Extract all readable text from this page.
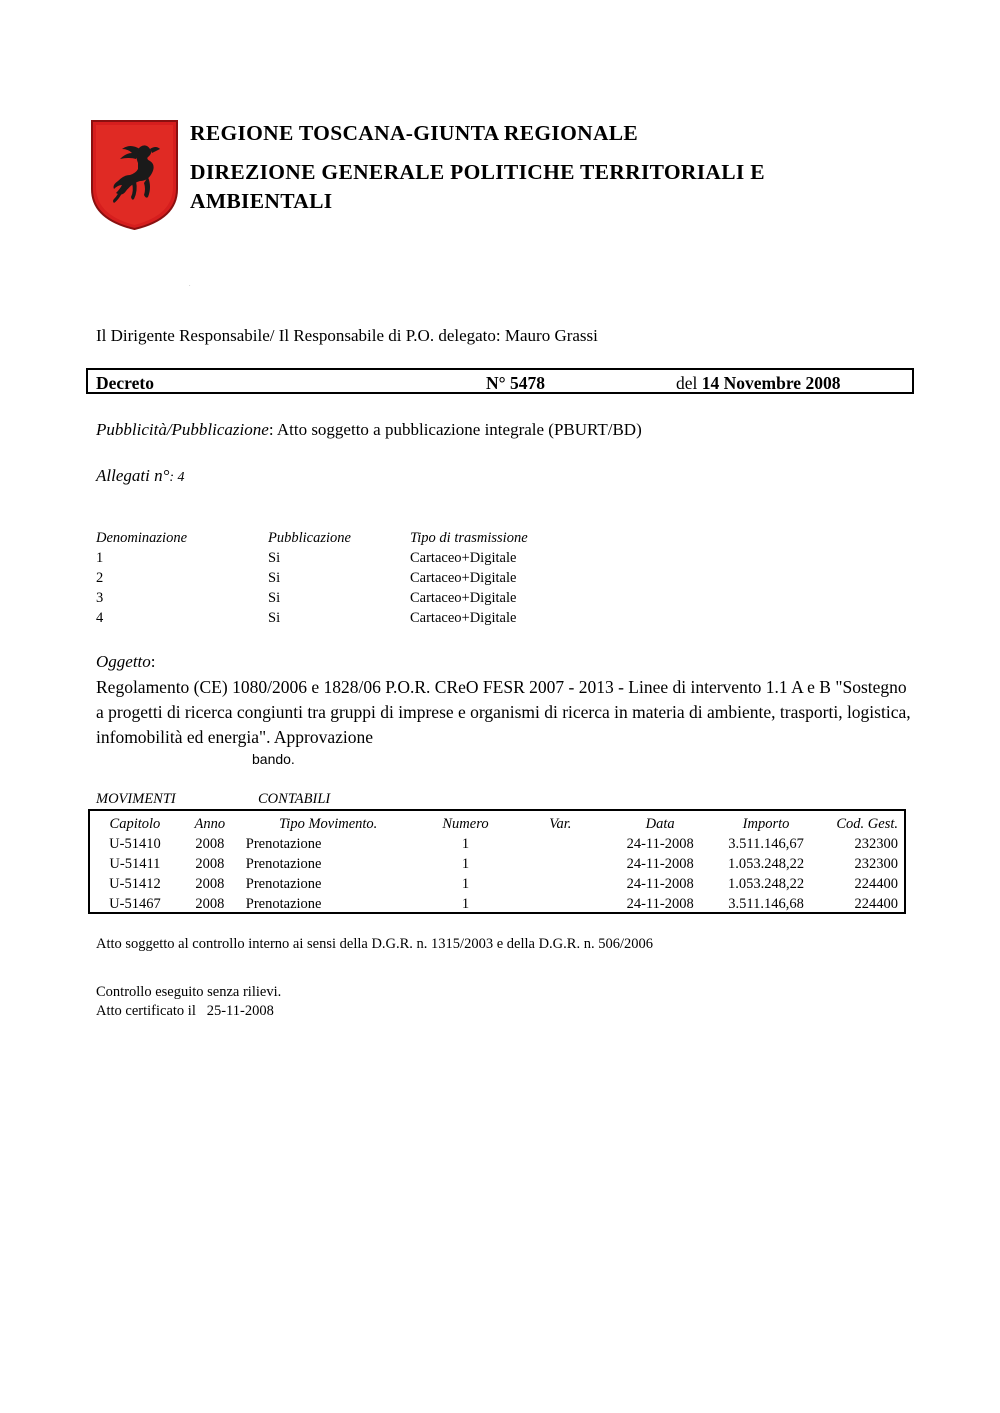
REGIONE TOSCANA-GIUNTA REGIONALE
DIREZIONE GENERALE POLITICHE TERRITORIALI E
AMBIENTALI
.
Il Dirigente Responsabile/ Il Responsabile di P.O. delegato: Mauro Grassi
Decreto	N° 5478	del 14 Novembre 2008
Pubblicità/Pubblicazione: Atto soggetto a pubblicazione integrale (PBURT/BD)
Allegati n°: 4
Denominazione	Pubblicazione	Tipo di trasmissione
1	Si	Cartaceo+Digitale
2	Si	Cartaceo+Digitale
3	Si	Cartaceo+Digitale
4	Si	Cartaceo+Digitale
Oggetto:
Regolamento (CE) 1080/2006 e 1828/06 P.O.R. CReO FESR 2007 - 2013 - Linee di intervento 1.1 A e B "Sostegno a progetti di ricerca congiunti tra gruppi di imprese e organismi di ricerca in materia di ambiente, trasporti, logistica, infomobilità ed energia". Approvazione
bando.
MOVIMENTI	CONTABILI
Capitolo	Anno	Tipo Movimento.	Numero	Var.	Data	Importo	Cod. Gest.
U-51410	2008	Prenotazione	1		24-11-2008	3.511.146,67	232300
U-51411	2008	Prenotazione	1		24-11-2008	1.053.248,22	232300
U-51412	2008	Prenotazione	1		24-11-2008	1.053.248,22	224400
U-51467	2008	Prenotazione	1		24-11-2008	3.511.146,68	224400
Atto soggetto al controllo interno ai sensi della D.G.R. n. 1315/2003 e della D.G.R. n. 506/2006
Controllo eseguito senza rilievi.
Atto certificato il   25-11-2008
